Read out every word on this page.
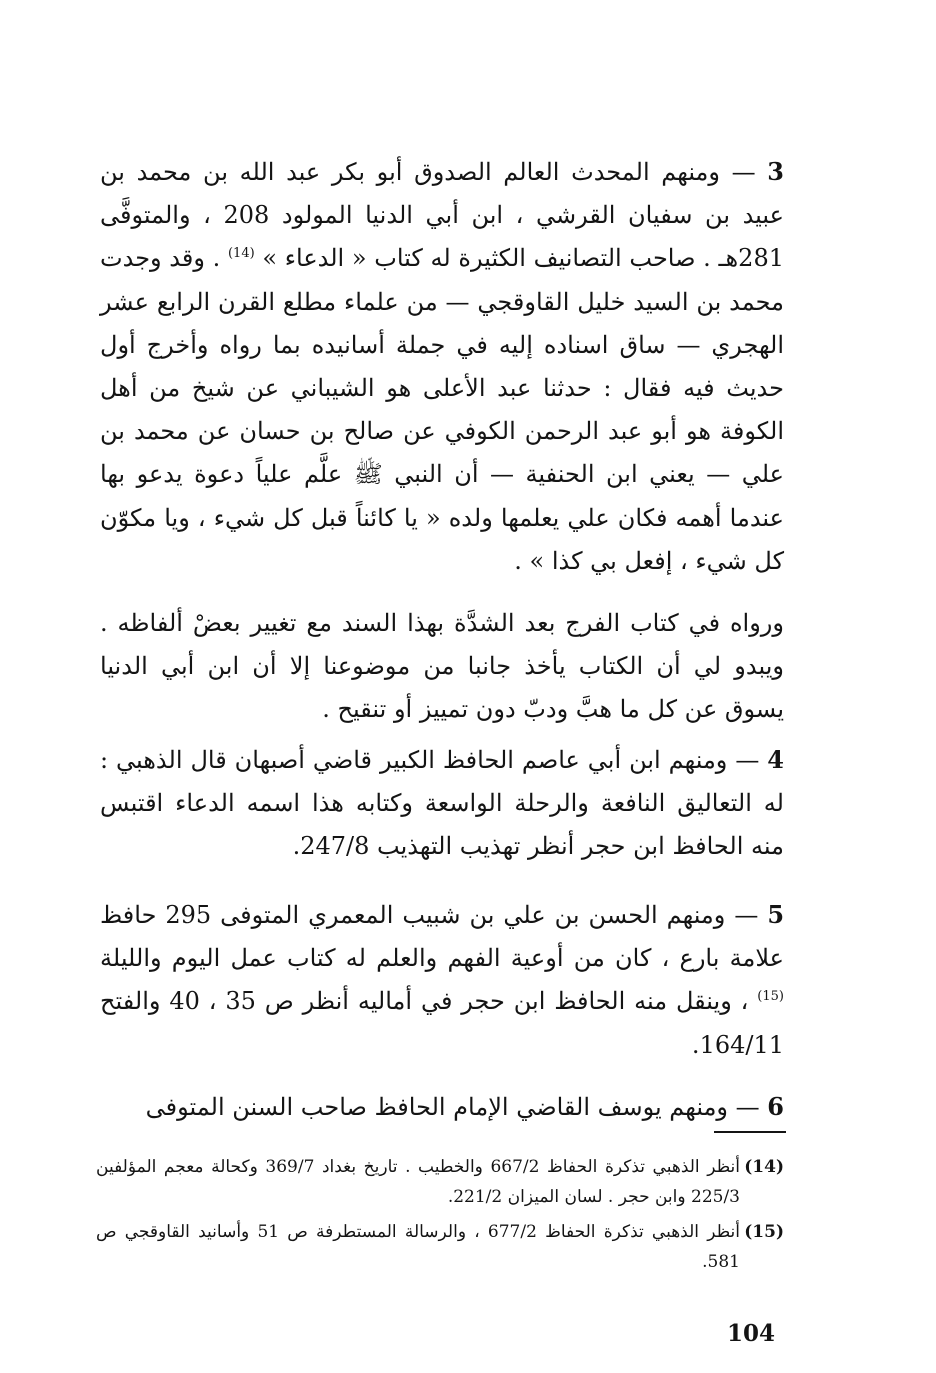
3 — ومنهم المحدث العالم الصدوق أبو بكر عبد الله بن محمد بن عبيد بن سفيان القرشي ، ابن أبي الدنيا المولود 208 ، والمتوفَّى 281هـ . صاحب التصانيف الكثيرة له كتاب « الدعاء » $^{(14)}$ . وقد وجدت محمد بن السيد خليل القاوقجي — من علماء مطلع القرن الرابع عشر الهجري — ساق اسناده إليه في جملة أسانيده بما رواه وأخرج أول حديث فيه فقال : حدثنا عبد الأعلى هو الشيباني عن شيخ من أهل الكوفة هو أبو عبد الرحمن الكوفي عن صالح بن حسان عن محمد بن علي — يعني ابن الحنفية — أن النبي ﷺ علَّم علياً دعوة يدعو بها عندما أهمه فكان علي يعلمها ولده « يا كائناً قبل كل شيء ، ويا مكوّن كل شيء ، إفعل بي كذا » .

ورواه في كتاب الفرج بعد الشدَّة بهذا السند مع تغيير بعضْ ألفاظه . ويبدو لي أن الكتاب يأخذ جانبا من موضوعنا إلا أن ابن أبي الدنيا يسوق عن كل ما هبَّ ودبّ دون تمييز أو تنقيح .

4 — ومنهم ابن أبي عاصم الحافظ الكبير قاضي أصبهان قال الذهبي : له التعاليق النافعة والرحلة الواسعة وكتابه هذا اسمه الدعاء اقتبس منه الحافظ ابن حجر أنظر تهذيب التهذيب 247/8.

5 — ومنهم الحسن بن علي بن شبيب المعمري المتوفى 295 حافظ علامة بارع ، كان من أوعية الفهم والعلم له كتاب عمل اليوم والليلة $^{(15)}$ ، وينقل منه الحافظ ابن حجر في أماليه أنظر ص 35 ، 40 والفتح 164/11.

6 — ومنهم يوسف القاضي الإمام الحافظ صاحب السنن المتوفى

(14)
أنظر الذهبي تذكرة الحفاظ 667/2 والخطيب . تاريخ بغداد 369/7 وكحالة معجم المؤلفين 225/3 وابن حجر . لسان الميزان 221/2.
(15)
أنظر الذهبي تذكرة الحفاظ 677/2 ، والرسالة المستطرفة ص 51 وأسانيد القاوقجي ص 581.
104
